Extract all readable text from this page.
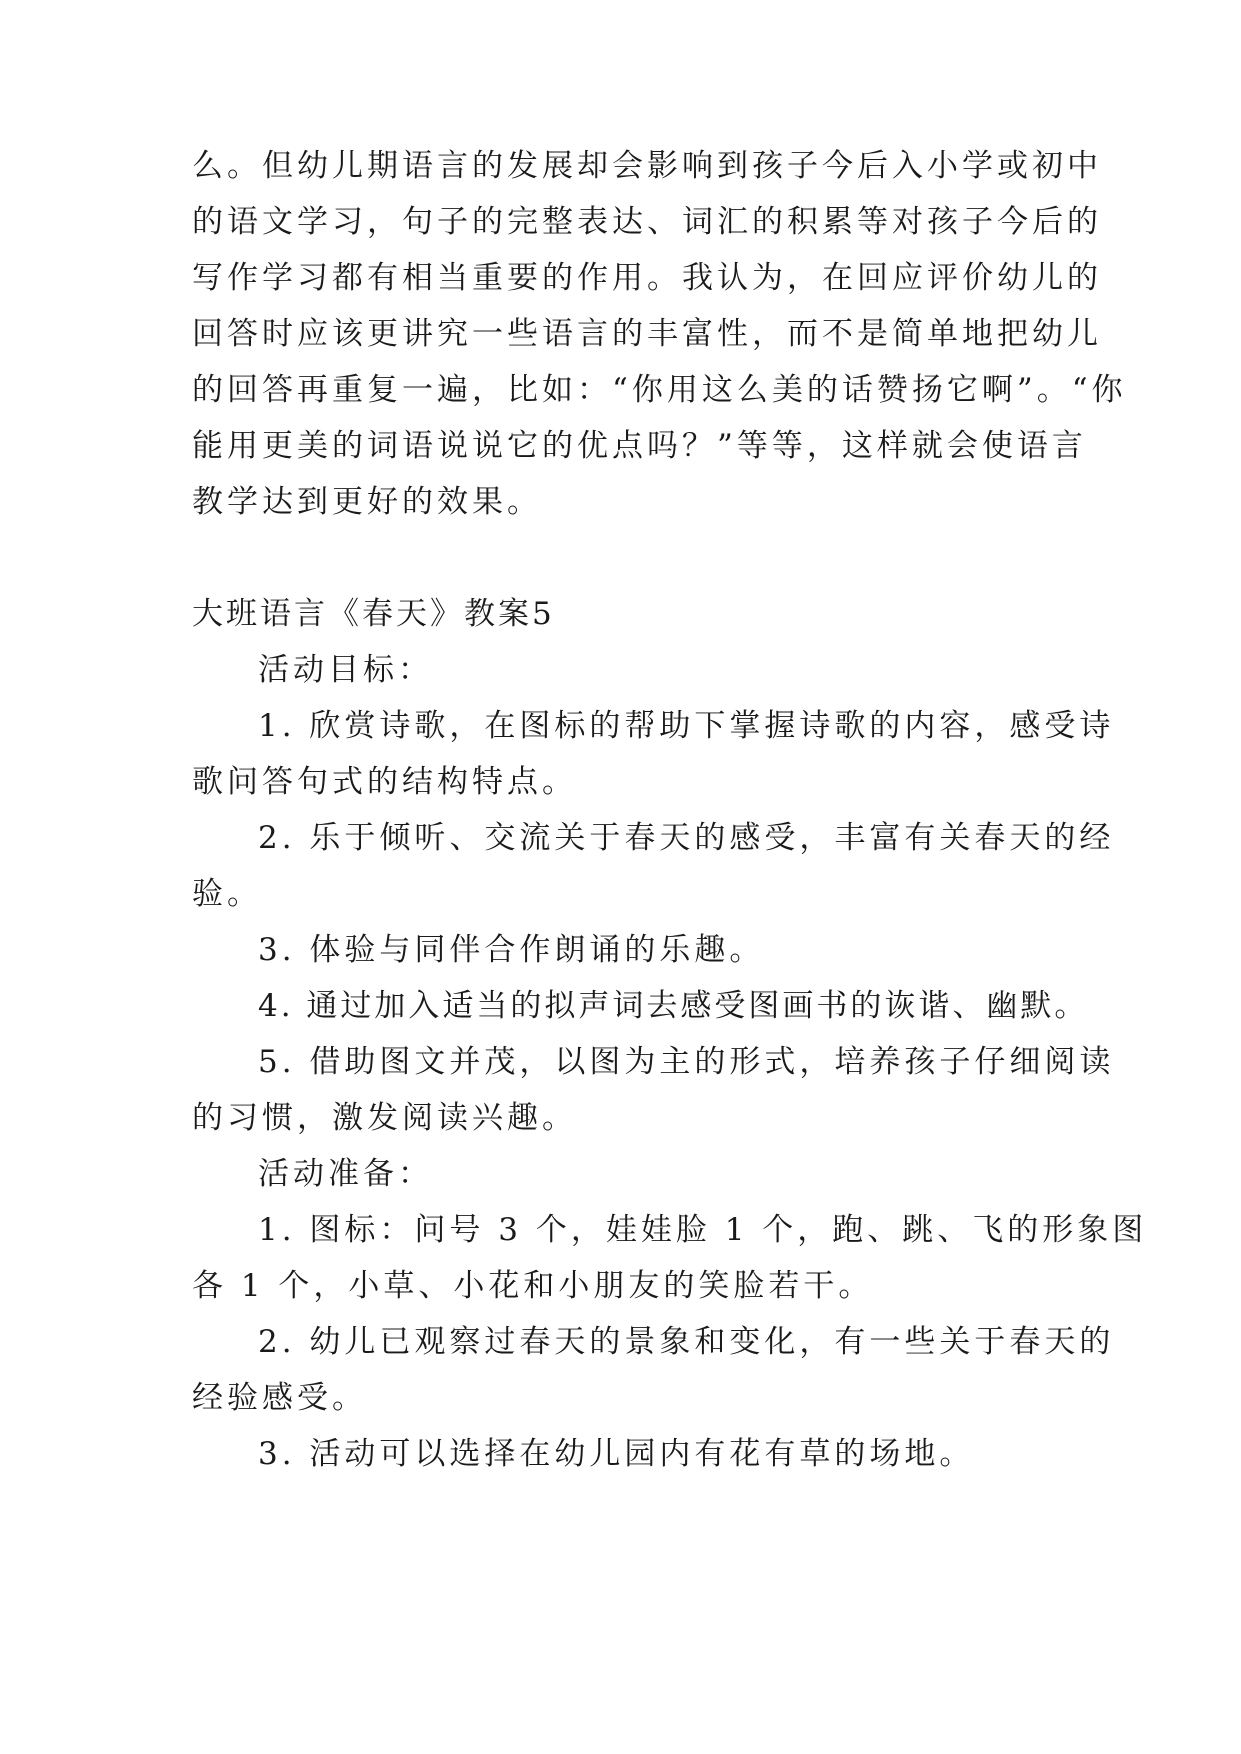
么。但幼儿期语言的发展却会影响到孩子今后入小学或初中
的语文学习，句子的完整表达、词汇的积累等对孩子今后的
写作学习都有相当重要的作用。我认为，在回应评价幼儿的
回答时应该更讲究一些语言的丰富性，而不是简单地把幼儿
的回答再重复一遍，比如：“你用这么美的话赞扬它啊”。“你
能用更美的词语说说它的优点吗？”等等，这样就会使语言
教学达到更好的效果。
大班语言《春天》教案5
活动目标：
1. 欣赏诗歌，在图标的帮助下掌握诗歌的内容，感受诗
歌问答句式的结构特点。
2. 乐于倾听、交流关于春天的感受，丰富有关春天的经
验。
3. 体验与同伴合作朗诵的乐趣。
4. 通过加入适当的拟声词去感受图画书的诙谐、幽默。
5. 借助图文并茂，以图为主的形式，培养孩子仔细阅读
的习惯，激发阅读兴趣。
活动准备：
1. 图标：问号 3 个，娃娃脸 1 个，跑、跳、飞的形象图
各 1 个，小草、小花和小朋友的笑脸若干。
2. 幼儿已观察过春天的景象和变化，有一些关于春天的
经验感受。
3. 活动可以选择在幼儿园内有花有草的场地。
